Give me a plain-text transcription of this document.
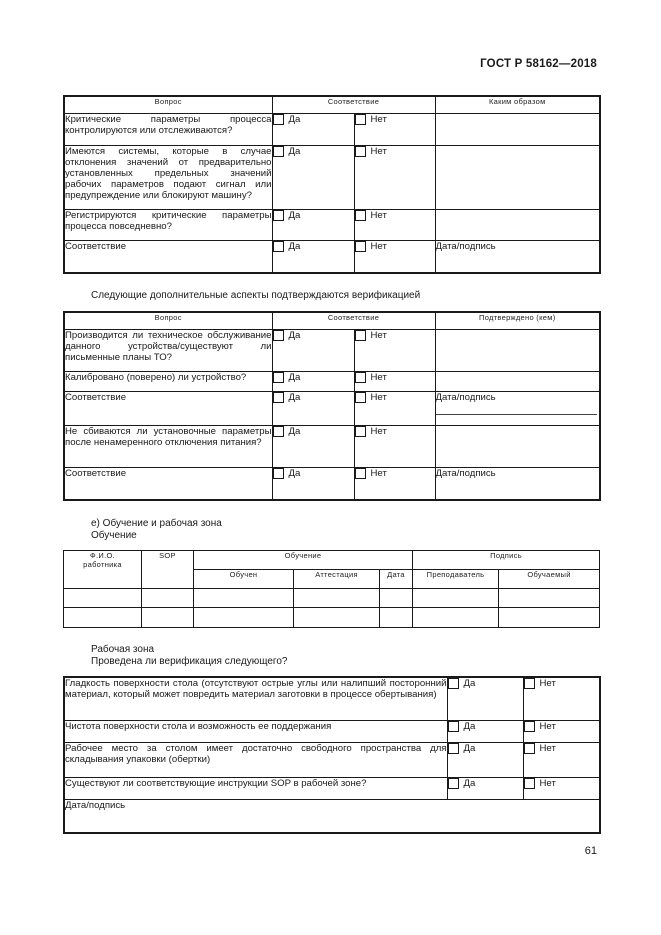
ГОСТ Р 58162—2018
Вопрос	Соответствие		Каким образом
Критические параметры процесса контролируются или отслеживаются?	Да	Нет	

Имеются системы, которые в случае отклонения значений от предварительно установленных предельных значений рабочих параметров подают сигнал или предупреждение или блокируют машину?	Да	Нет	

Регистрируются критические параметры процесса повседневно?	Да	Нет	

Соответствие	Да	Нет	Дата/подпись
Следующие дополнительные аспекты подтверждаются верификацией
Вопрос	Соответствие		Подтверждено (кем)
Производится ли техническое обслуживание данного устройства/существуют ли письменные планы ТО?	Да	Нет	

Калибровано (поверено) ли устройство?	Да	Нет	

Соответствие	Да	Нет	Дата/подпись

Не сбиваются ли установочные параметры после ненамеренного отключения питания?	Да	Нет	

Соответствие	Да	Нет	Дата/подпись
е) Обучение и рабочая зона
Обучение
Ф.И.О.
работника	SOP	Обучение			Подпись	
		Обучен	Аттестация	Дата	Преподаватель	Обучаемый

Рабочая зона
Проведена ли верификация следующего?
Гладкость поверхности стола (отсутствуют острые углы или налипший посторонний материал, который может повредить материал заготовки в процессе обертывания)	Да	Нет

Чистота поверхности стола и возможность ее поддержания	Да	Нет

Рабочее место за столом имеет достаточно свободного пространства для складывания упаковки (обертки)	Да	Нет

Существуют ли соответствующие инструкции SOP в рабочей зоне?	Да	Нет

Дата/подпись		
61
